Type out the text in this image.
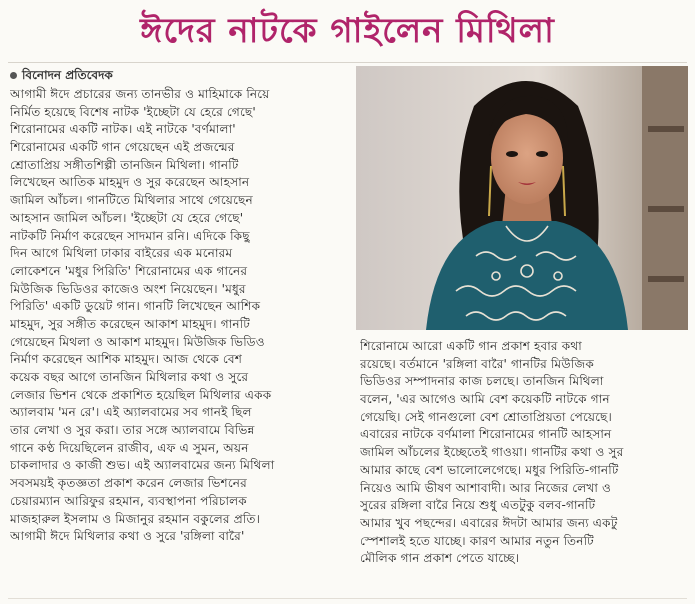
ঈদের নাটকে গাইলেন মিথিলা
বিনোদন প্রতিবেদক
আগামী ঈদে প্রচারের জন্য তানভীর ও মাহিমাকে নিয়ে
নির্মিত হয়েছে বিশেষ নাটক 'ইচ্ছেটা যে হেরে গেছে'
শিরোনামের একটি নাটক। এই নাটকে 'বর্ণমালা'
শিরোনামের একটি গান গেয়েছেন এই প্রজন্মের
শ্রোতাপ্রিয় সঙ্গীতশিল্পী তানজিন মিথিলা। গানটি
লিখেছেন আতিক মাহমুদ ও সুর করেছেন আহসান
জামিল আঁচল। গানটিতে মিথিলার সাথে গেয়েছেন
আহসান জামিল আঁচল। 'ইচ্ছেটা যে হেরে গেছে'
নাটকটি নির্মাণ করেছেন সাদমান রনি। এদিকে কিছু
দিন আগে মিথিলা ঢাকার বাইরের এক মনোরম
লোকেশনে 'মধুর পিরিতি' শিরোনামের এক গানের
মিউজিক ভিডিওর কাজেও অংশ নিয়েছেন। 'মধুর
পিরিতি' একটি ডুয়েট গান। গানটি লিখেছেন আশিক
মাহমুদ, সুর সঙ্গীত করেছেন আকাশ মাহমুদ। গানটি
গেয়েছেন মিথলা ও আকাশ মাহমুদ। মিউজিক ভিডিও
নির্মাণ করেছেন আশিক মাহমুদ। আজ থেকে বেশ
কয়েক বছর আগে তানজিন মিথিলার কথা ও সুরে
লেজার ভিশন থেকে প্রকাশিত হয়েছিল মিথিলার একক
অ্যালবাম 'মন রে'। এই অ্যালবামের সব গানই ছিল
তার লেখা ও সুর করা। তার সঙ্গে অ্যালবামে বিভিন্ন
গানে কণ্ঠ দিয়েছিলেন রাজীব, এফ এ সুমন, অয়ন
চাকলাদার ও কাজী শুভ। এই অ্যালবামের জন্য মিথিলা
সবসময়ই কৃতজ্ঞতা প্রকাশ করেন লেজার ভিশনের
চেয়ারম্যান আরিফুর রহমান, ব্যবস্থাপনা পরিচালক
মাজহারুল ইসলাম ও মিজানুর রহমান বকুলের প্রতি।
আগামী ঈদে মিথিলার কথা ও সুরে 'রঙ্গিলা বারৈ'
শিরোনামে আরো একটি গান প্রকাশ হবার কথা
রয়েছে। বর্তমানে 'রঙ্গিলা বারৈ' গানটির মিউজিক
ভিডিওর সম্পাদনার কাজ চলছে। তানজিন মিথিলা
বলেন, 'এর আগেও আমি বেশ কয়েকটি নাটকে গান
গেয়েছি। সেই গানগুলো বেশ শ্রোতাপ্রিয়তা পেয়েছে।
এবারের নাটকে বর্ণমালা শিরোনামের গানটি আহসান
জামিল আঁচলের ইচ্ছেতেই গাওয়া। গানটির কথা ও সুর
আমার কাছে বেশ ভালোলেগেছে। মধুর পিরিতি-গানটি
নিয়েও আমি ভীষণ আশাবাদী। আর নিজের লেখা ও
সুরের রঙ্গিলা বারৈ নিয়ে শুধু এতটুকু বলব-গানটি
আমার খুব পছন্দের। এবারের ঈদটা আমার জন্য একটু
স্পেশালই হতে যাচ্ছে। কারণ আমার নতুন তিনটি
মৌলিক গান প্রকাশ পেতে যাচ্ছে।
